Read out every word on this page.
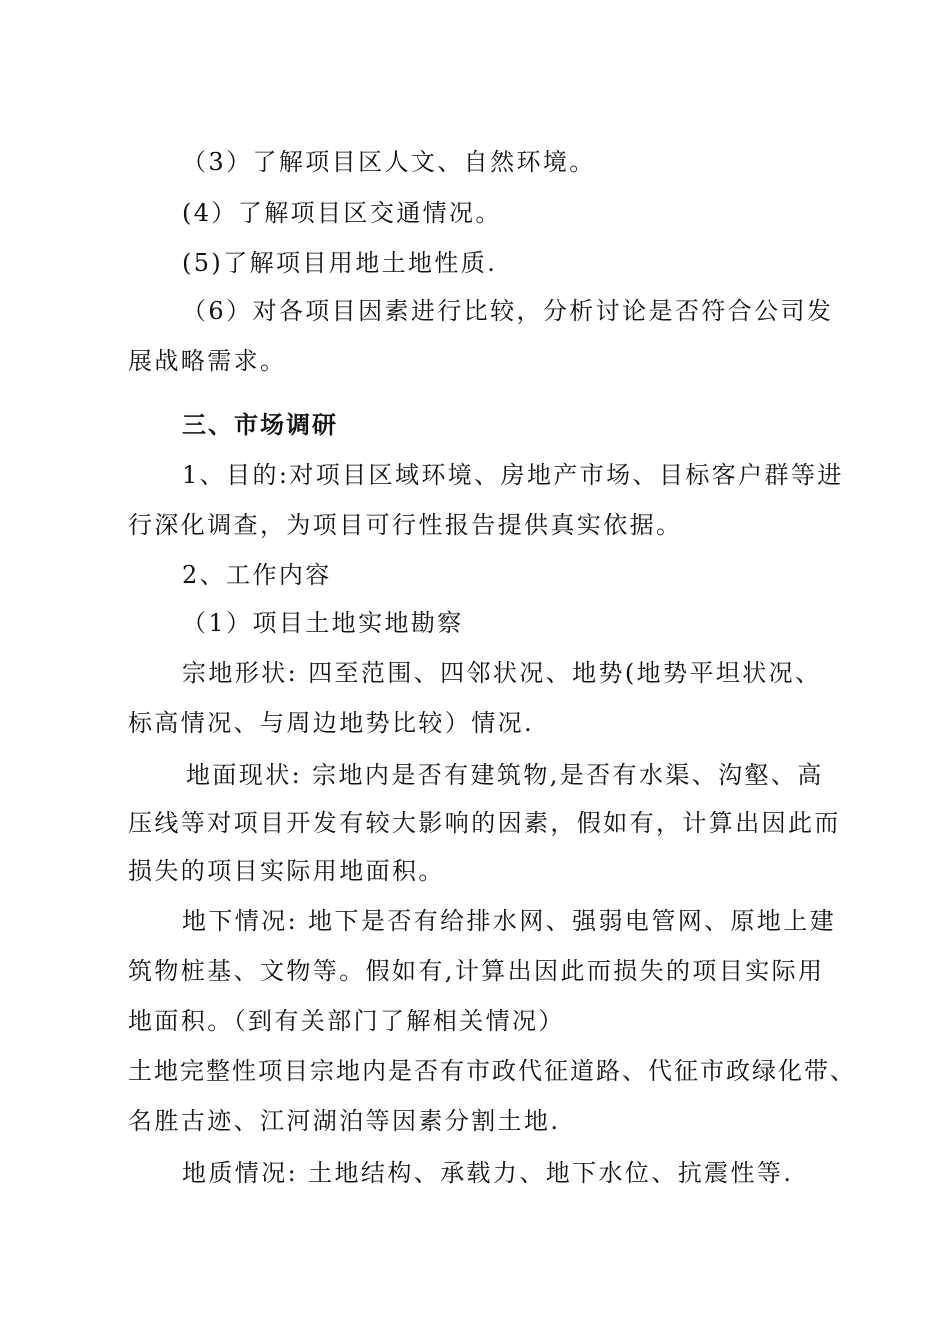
（3）了解项目区人文、自然环境。
(4）了解项目区交通情况。
(5)了解项目用地土地性质.
（6）对各项目因素进行比较，分析讨论是否符合公司发
展战略需求。
三、市场调研
1、目的:对项目区域环境、房地产市场、目标客户群等进
行深化调查，为项目可行性报告提供真实依据。
2、工作内容
（1）项目土地实地勘察
宗地形状: 四至范围、四邻状况、地势(地势平坦状况、
标高情况、与周边地势比较）情况.
地面现状: 宗地内是否有建筑物,是否有水渠、沟壑、高
压线等对项目开发有较大影响的因素，假如有，计算出因此而
损失的项目实际用地面积。
地下情况: 地下是否有给排水网、强弱电管网、原地上建
筑物桩基、文物等。假如有,计算出因此而损失的项目实际用
地面积。（到有关部门了解相关情况）
土地完整性项目宗地内是否有市政代征道路、代征市政绿化带、
名胜古迹、江河湖泊等因素分割土地.
地质情况: 土地结构、承载力、地下水位、抗震性等.
